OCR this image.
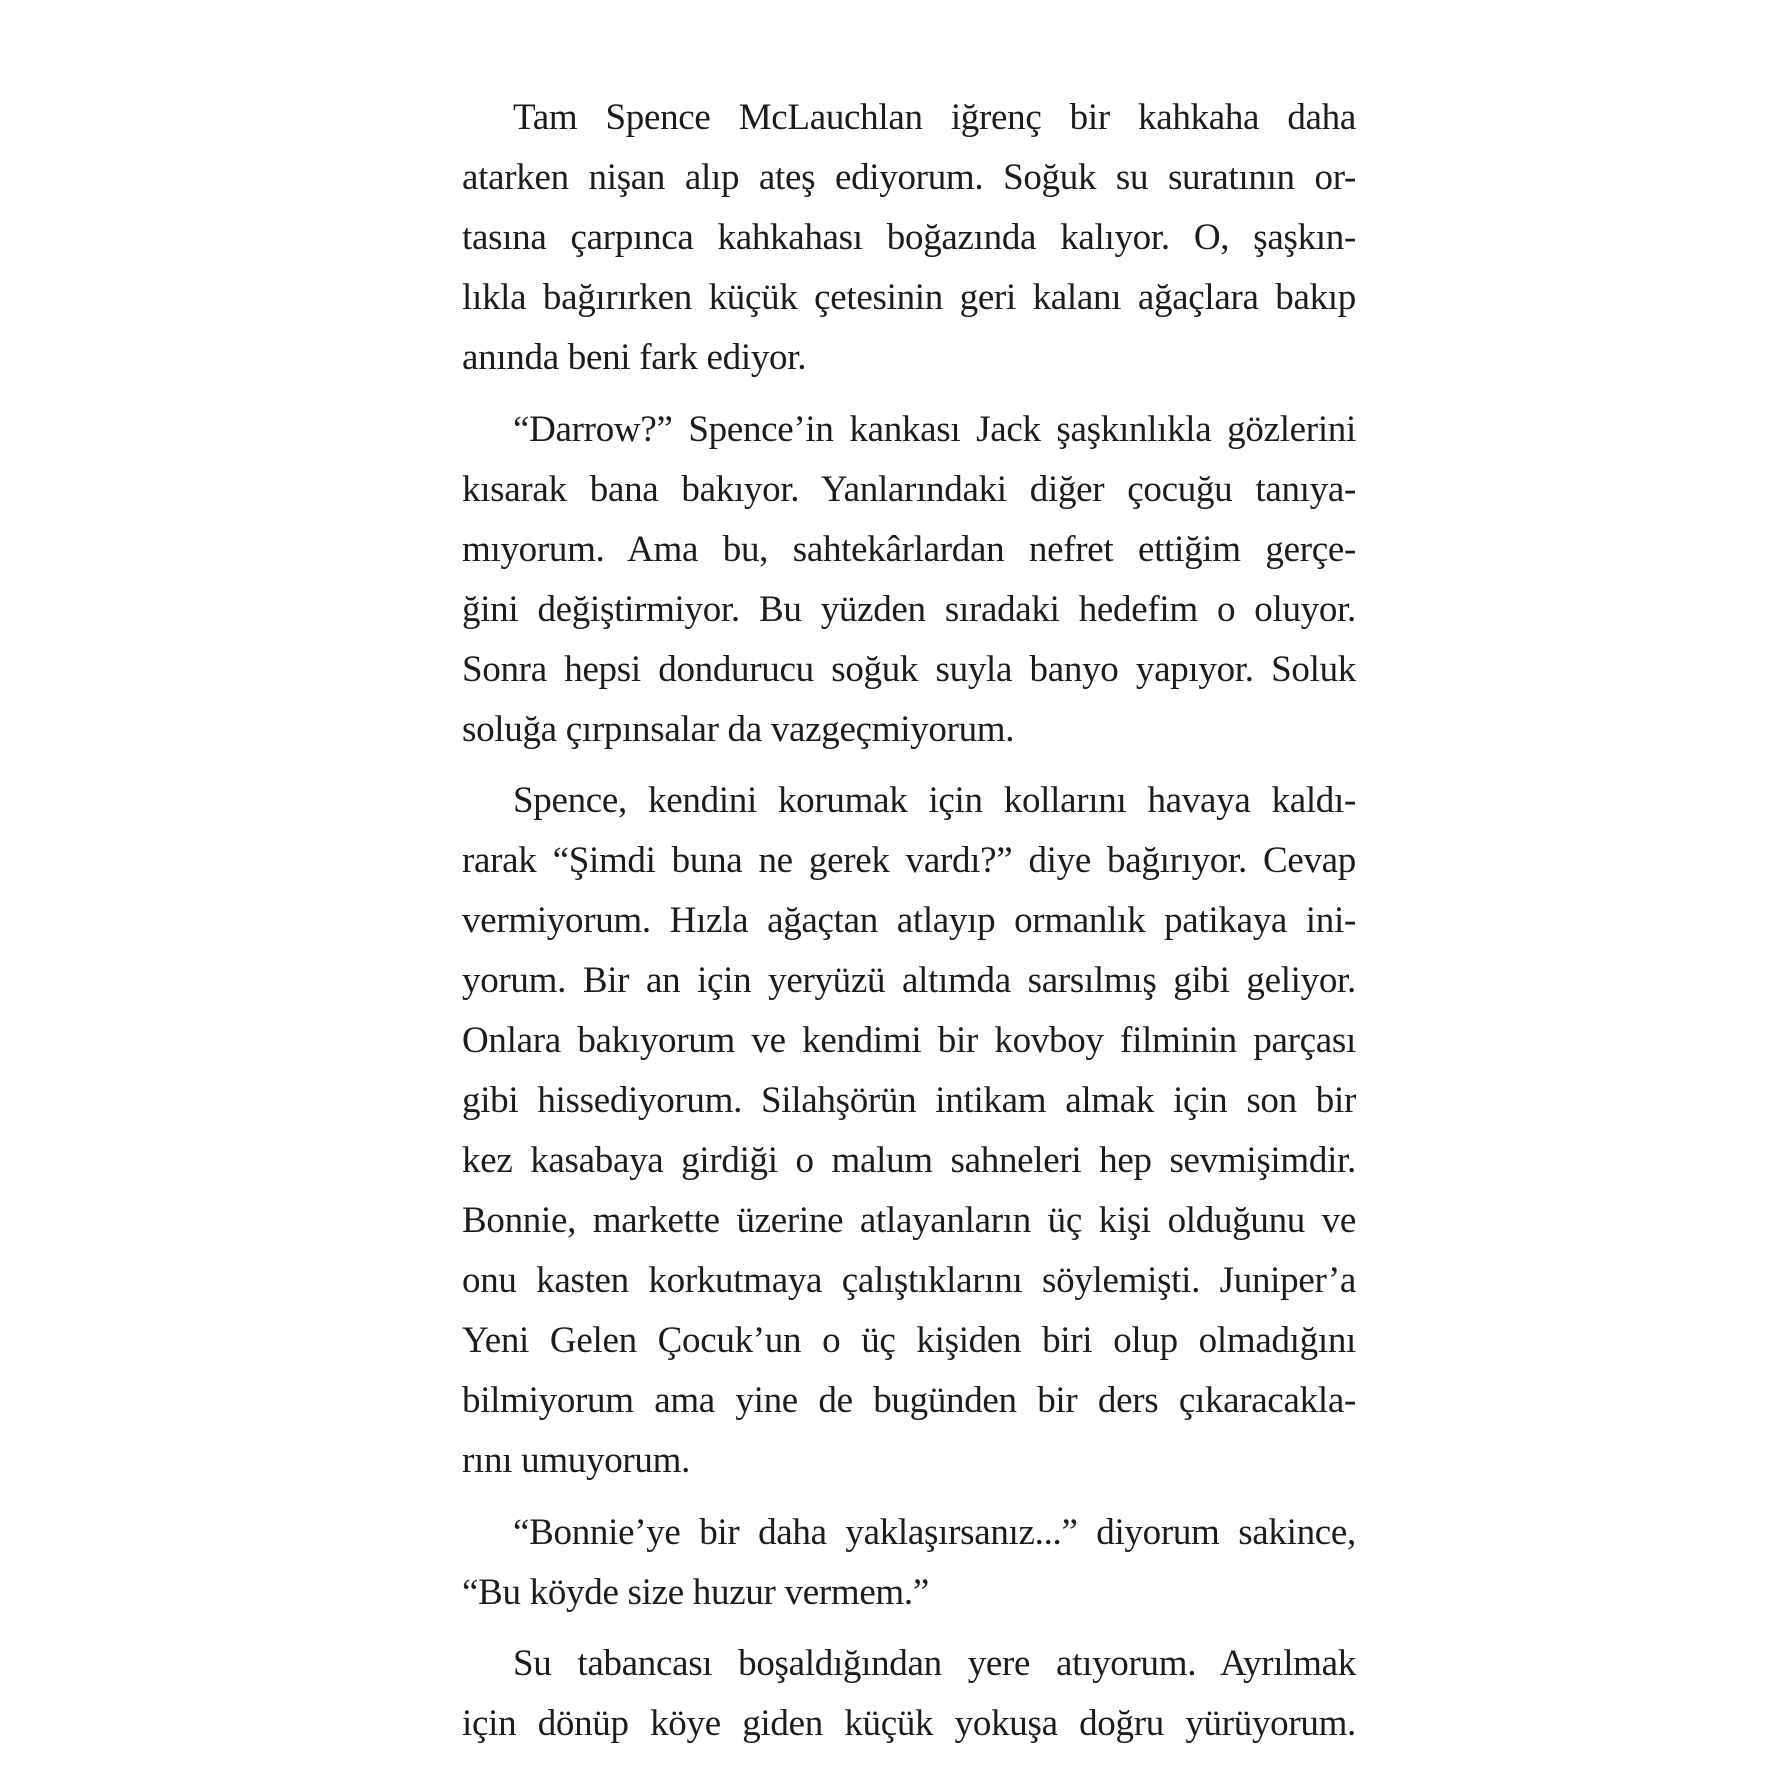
Tam Spence McLauchlan iğrenç bir kahkaha daha
atarken nişan alıp ateş ediyorum. Soğuk su suratının or-
tasına çarpınca kahkahası boğazında kalıyor. O, şaşkın-
lıkla bağırırken küçük çetesinin geri kalanı ağaçlara bakıp
anında beni fark ediyor.
“Darrow?” Spence’in kankası Jack şaşkınlıkla gözlerini
kısarak bana bakıyor. Yanlarındaki diğer çocuğu tanıya-
mıyorum. Ama bu, sahtekârlardan nefret ettiğim gerçe-
ğini değiştirmiyor. Bu yüzden sıradaki hedefim o oluyor.
Sonra hepsi dondurucu soğuk suyla banyo yapıyor. Soluk
soluğa çırpınsalar da vazgeçmiyorum.
Spence, kendini korumak için kollarını havaya kaldı-
rarak “Şimdi buna ne gerek vardı?” diye bağırıyor. Cevap
vermiyorum. Hızla ağaçtan atlayıp ormanlık patikaya ini-
yorum. Bir an için yeryüzü altımda sarsılmış gibi geliyor.
Onlara bakıyorum ve kendimi bir kovboy filminin parçası
gibi hissediyorum. Silahşörün intikam almak için son bir
kez kasabaya girdiği o malum sahneleri hep sevmişimdir.
Bonnie, markette üzerine atlayanların üç kişi olduğunu ve
onu kasten korkutmaya çalıştıklarını söylemişti. Juniper’a
Yeni Gelen Çocuk’un o üç kişiden biri olup olmadığını
bilmiyorum ama yine de bugünden bir ders çıkaracakla-
rını umuyorum.
“Bonnie’ye bir daha yaklaşırsanız...” diyorum sakince,
“Bu köyde size huzur vermem.”
Su tabancası boşaldığından yere atıyorum. Ayrılmak
için dönüp köye giden küçük yokuşa doğru yürüyorum.
